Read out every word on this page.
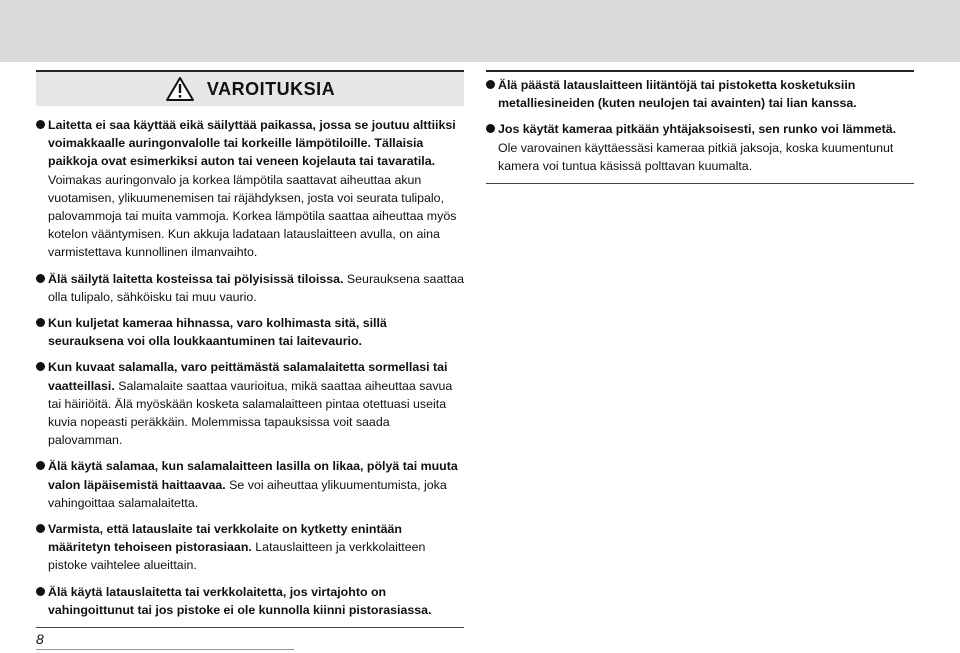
VAROITUKSIA
Laitetta ei saa käyttää eikä säilyttää paikassa, jossa se joutuu alttiiksi voimakkaalle auringonvalolle tai korkeille lämpötiloille. Tällaisia paikkoja ovat esimerkiksi auton tai veneen kojelauta tai tavaratila. Voimakas auringonvalo ja korkea lämpötila saattavat aiheuttaa akun vuotamisen, ylikuumenemisen tai räjähdyksen, josta voi seurata tulipalo, palovammoja tai muita vammoja. Korkea lämpötila saattaa aiheuttaa myös kotelon vääntymisen. Kun akkuja ladataan latauslaitteen avulla, on aina varmistettava kunnollinen ilmanvaihto.
Älä säilytä laitetta kosteissa tai pölyisissä tiloissa. Seurauksena saattaa olla tulipalo, sähköisku tai muu vaurio.
Kun kuljetat kameraa hihnassa, varo kolhimasta sitä, sillä seurauksena voi olla loukkaantuminen tai laitevaurio.
Kun kuvaat salamalla, varo peittämästä salamalaitetta sormellasi tai vaatteillasi. Salamalaite saattaa vaurioitua, mikä saattaa aiheuttaa savua tai häiriöitä. Älä myöskään kosketa salamalaitteen pintaa otettuasi useita kuvia nopeasti peräkkäin. Molemmissa tapauksissa voit saada palovamman.
Älä käytä salamaa, kun salamalaitteen lasilla on likaa, pölyä tai muuta valon läpäisemistä haittaavaa. Se voi aiheuttaa ylikuumentumista, joka vahingoittaa salamalaitetta.
Varmista, että latauslaite tai verkkolaite on kytketty enintään määritetyn tehoiseen pistorasiaan. Latauslaitteen ja verkkolaitteen pistoke vaihtelee alueittain.
Älä käytä latauslaitetta tai verkkolaitetta, jos virtajohto on vahingoittunut tai jos pistoke ei ole kunnolla kiinni pistorasiassa.
Älä päästä latauslaitteen liitäntöjä tai pistoketta kosketuksiin metalliesineiden (kuten neulojen tai avainten) tai lian kanssa.
Jos käytät kameraa pitkään yhtäjaksoisesti, sen runko voi lämmetä. Ole varovainen käyttäessäsi kameraa pitkiä jaksoja, koska kuumentunut kamera voi tuntua käsissä polttavan kuumalta.
8
